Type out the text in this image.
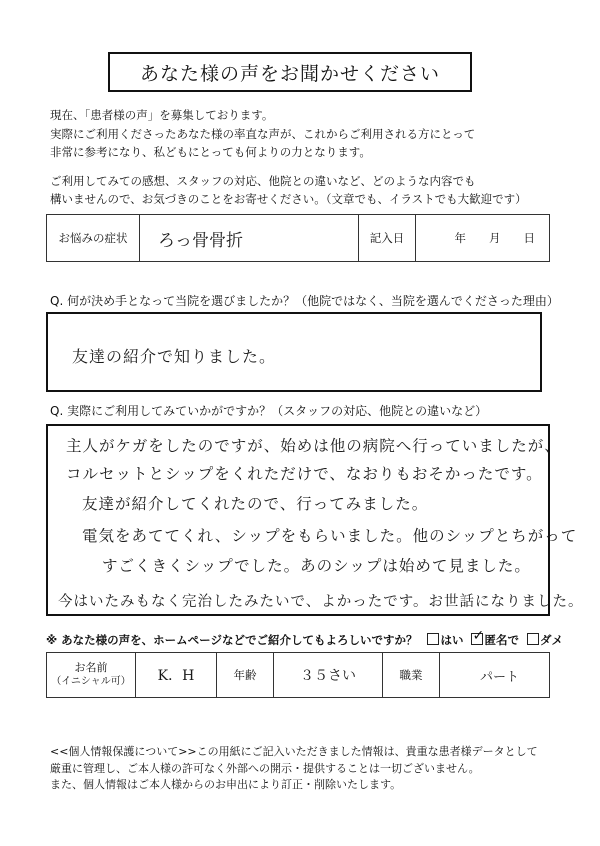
あなた様の声をお聞かせください

現在、「患者様の声」を募集しております。

実際にご利用くださったあなた様の率直な声が、これからご利用される方にとって

非常に参考になり、私どもにとっても何よりの力となります。

ご利用してみての感想、スタッフの対応、他院との違いなど、どのような内容でも

構いませんので、お気づきのことをお寄せください。（文章でも、イラストでも大歓迎です）

お悩みの症状	ろっ骨骨折	記入日	年　　月　　日
Q. 何が決め手となって当院を選びましたか？（他院ではなく、当院を選んでくださった理由）
友達の紹介で知りました。
Q. 実際にご利用してみていかがですか？（スタッフの対応、他院との違いなど）
主人がケガをしたのですが、始めは他の病院へ行っていましたが、
コルセットとシップをくれただけで、なおりもおそかったです。
友達が紹介してくれたので、行ってみました。
電気をあててくれ、シップをもらいました。他のシップとちがって
すごくきくシップでした。あのシップは始めて見ました。
今はいたみもなく完治したみたいで、よかったです。お世話になりました。
※ あなた様の声を、ホームページなどでご紹介してもよろしいですか？ はい ✓ 匿名で ダメ
お名前
（イニシャル可）	K．H	年齢	３５さい	職業	パート

<<個人情報保護について>>この用紙にご記入いただきました情報は、貴重な患者様データとして

厳重に管理し、ご本人様の許可なく外部への開示・提供することは一切ございません。

また、個人情報はご本人様からのお申出により訂正・削除いたします。
